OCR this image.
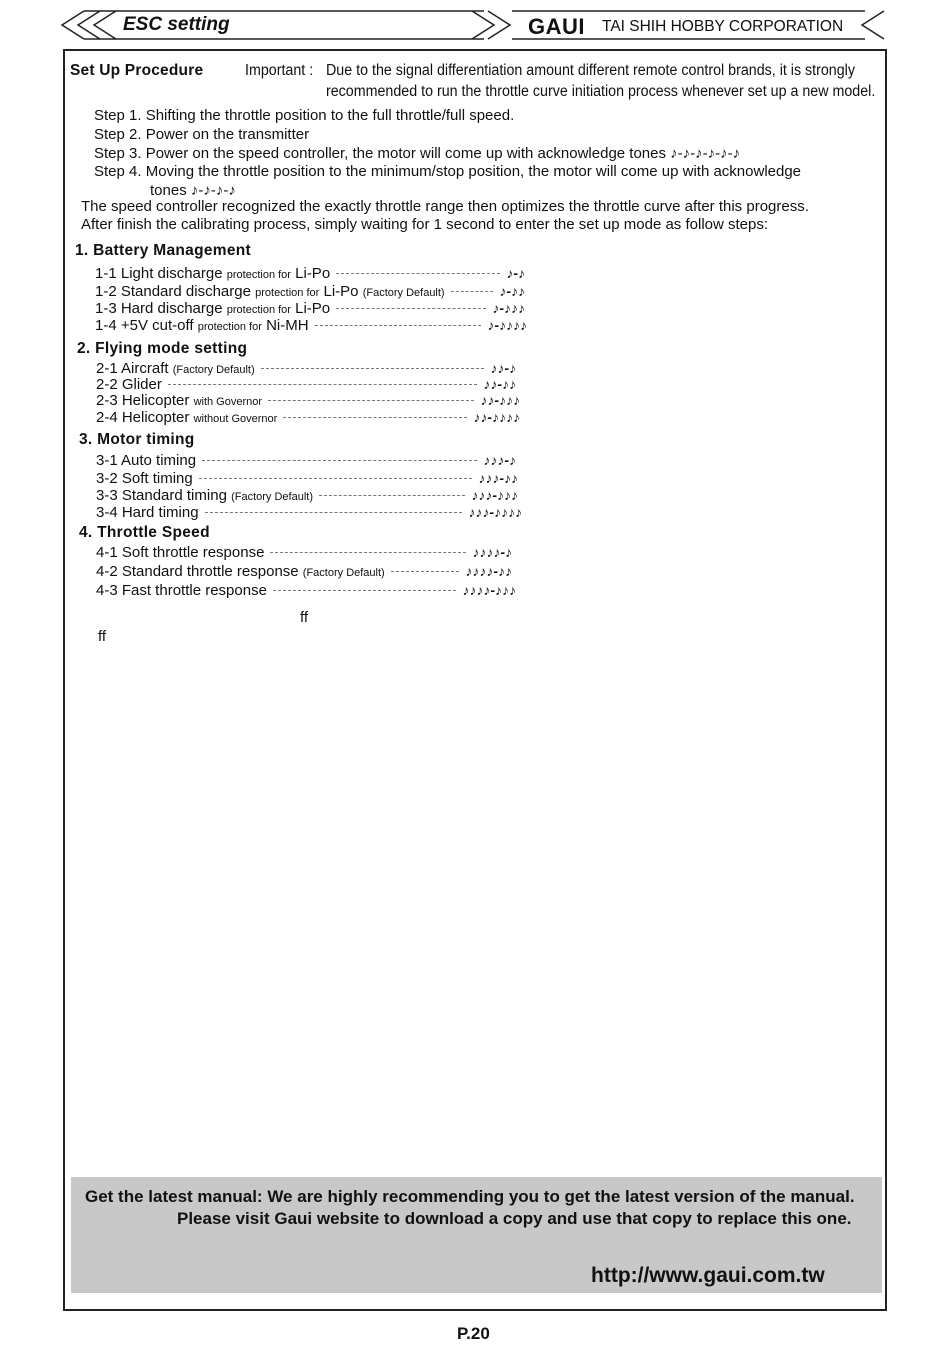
ESC setting	GAUI TAI SHIH HOBBY CORPORATION
Set Up Procedure	Important : Due to the signal differentiation amount different remote control brands, it is strongly
recommended to run the throttle curve initiation process whenever set up a new model.
Step 1. Shifting the throttle position to the full throttle/full speed.
Step 2. Power on the transmitter
Step 3. Power on the speed controller, the motor will come up with acknowledge tones ♪-♪-♪-♪-♪-♪
Step 4. Moving the throttle position to the minimum/stop position, the motor will come up with acknowledge
tones ♪-♪-♪-♪
The speed controller recognized the exactly throttle range then optimizes the throttle curve after this progress.
After finish the calibrating process, simply waiting for 1 second to enter the set up mode as follow steps:
1. Battery Management
1-1 Light discharge
protection for
Li-Po	♪-♪
1-2 Standard discharge
protection for
Li-Po
(Factory Default)	♪-♪♪
1-3 Hard discharge
protection for
Li-Po	♪-♪♪♪
1-4 +5V cut-off
protection for
Ni-MH	♪-♪♪♪♪
2. Flying mode setting
2-1 Aircraft
(Factory Default)	♪♪-♪
2-2 Glider	♪♪-♪♪
2-3 Helicopter
with Governor	♪♪-♪♪♪
2-4 Helicopter
without Governor	♪♪-♪♪♪♪
3. Motor timing
3-1 Auto timing	♪♪♪-♪
3-2 Soft timing	♪♪♪-♪♪
3-3 Standard timing
(Factory Default)	♪♪♪-♪♪♪
3-4 Hard timing	♪♪♪-♪♪♪♪
4. Throttle Speed
4-1 Soft throttle response	♪♪♪♪-♪
4-2 Standard throttle response
(Factory Default)	♪♪♪♪-♪♪
4-3 Fast throttle response	♪♪♪♪-♪♪♪
ff
ff
Get the latest manual: We are highly recommending you to get the latest version of the manual.
Please visit Gaui website to download a copy and use that copy to replace this one.
http://www.gaui.com.tw
P.20
